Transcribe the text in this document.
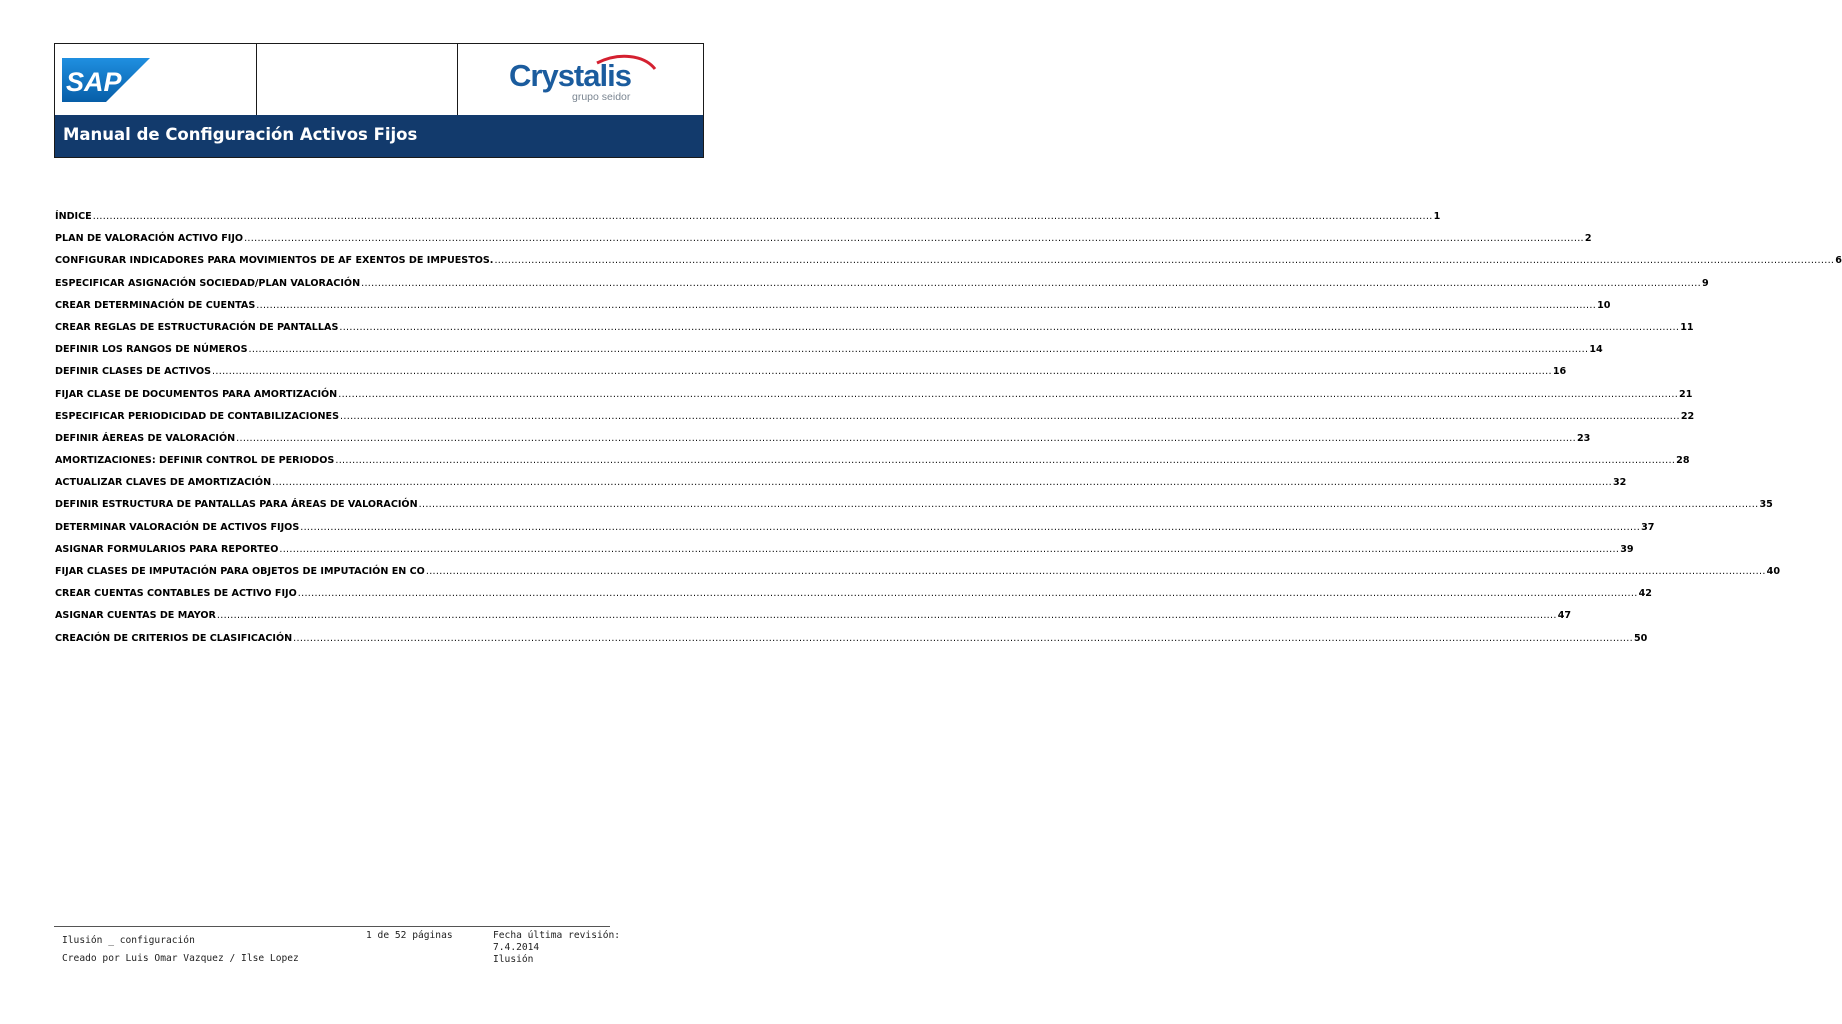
SAP	Crystalis
grupo seidor
Manual de Configuración Activos Fijos
ÍNDICE ................................................................................................................................................................................................................................................................................................................................................................................................................ 1
PLAN DE VALORACIÓN ACTIVO FIJO ................................................................................................................................................................................................................................................................................................................................................................................................................ 2
CONFIGURAR INDICADORES PARA MOVIMIENTOS DE AF EXENTOS DE IMPUESTOS. ................................................................................................................................................................................................................................................................................................................................................................................................................ 6
ESPECIFICAR ASIGNACIÓN SOCIEDAD/PLAN VALORACIÓN ................................................................................................................................................................................................................................................................................................................................................................................................................ 9
CREAR DETERMINACIÓN DE CUENTAS ................................................................................................................................................................................................................................................................................................................................................................................................................ 10
CREAR REGLAS DE ESTRUCTURACIÓN DE PANTALLAS ................................................................................................................................................................................................................................................................................................................................................................................................................ 11
DEFINIR LOS RANGOS DE NÚMEROS ................................................................................................................................................................................................................................................................................................................................................................................................................ 14
DEFINIR CLASES DE ACTIVOS ................................................................................................................................................................................................................................................................................................................................................................................................................ 16
FIJAR CLASE DE DOCUMENTOS PARA AMORTIZACIÓN ................................................................................................................................................................................................................................................................................................................................................................................................................ 21
ESPECIFICAR PERIODICIDAD DE CONTABILIZACIONES ................................................................................................................................................................................................................................................................................................................................................................................................................ 22
DEFINIR ÁEREAS DE VALORACIÓN ................................................................................................................................................................................................................................................................................................................................................................................................................ 23
AMORTIZACIONES: DEFINIR CONTROL DE PERIODOS ................................................................................................................................................................................................................................................................................................................................................................................................................ 28
ACTUALIZAR CLAVES DE AMORTIZACIÓN ................................................................................................................................................................................................................................................................................................................................................................................................................ 32
DEFINIR ESTRUCTURA DE PANTALLAS PARA ÁREAS DE VALORACIÓN ................................................................................................................................................................................................................................................................................................................................................................................................................ 35
DETERMINAR VALORACIÓN DE ACTIVOS FIJOS ................................................................................................................................................................................................................................................................................................................................................................................................................ 37
ASIGNAR FORMULARIOS PARA REPORTEO ................................................................................................................................................................................................................................................................................................................................................................................................................ 39
FIJAR CLASES DE IMPUTACIÓN PARA OBJETOS DE IMPUTACIÓN EN CO ................................................................................................................................................................................................................................................................................................................................................................................................................ 40
CREAR CUENTAS CONTABLES DE ACTIVO FIJO ................................................................................................................................................................................................................................................................................................................................................................................................................ 42
ASIGNAR CUENTAS DE MAYOR ................................................................................................................................................................................................................................................................................................................................................................................................................ 47
CREACIÓN DE CRITERIOS DE CLASIFICACIÓN ................................................................................................................................................................................................................................................................................................................................................................................................................ 50
Ilusión _ configuración
Creado por Luis Omar Vazquez / Ilse Lopez
1 de 52 páginas	Fecha última revisión:
7.4.2014
Ilusión
